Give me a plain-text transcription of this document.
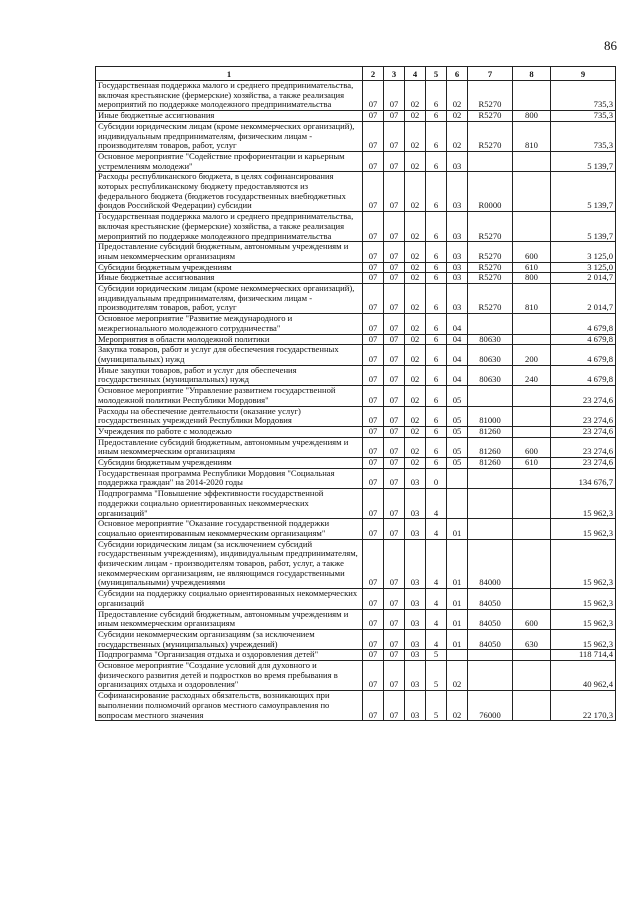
86
1	2	3	4	5	6	7	8	9
Государственная поддержка малого и среднего предпринимательства, включая крестьянские (фермерские) хозяйства, а также реализация мероприятий по поддержке молодежного предпринимательства	07	07	02	6	02	R5270		735,3
Иные бюджетные ассигнования	07	07	02	6	02	R5270	800	735,3
Субсидии юридическим лицам (кроме некоммерческих организаций), индивидуальным предпринимателям, физическим лицам - производителям товаров, работ, услуг	07	07	02	6	02	R5270	810	735,3
Основное мероприятие "Содействие профориентации и карьерным устремлениям молодежи"	07	07	02	6	03			5 139,7
Расходы республиканского бюджета, в целях софинансирования которых республиканскому бюджету предоставляются из федерального бюджета (бюджетов государственных внебюджетных фондов Российской Федерации) субсидии	07	07	02	6	03	R0000		5 139,7
Государственная поддержка малого и среднего предпринимательства, включая крестьянские (фермерские) хозяйства, а также реализация мероприятий по поддержке молодежного предпринимательства	07	07	02	6	03	R5270		5 139,7
Предоставление субсидий бюджетным, автономным учреждениям и иным некоммерческим организациям	07	07	02	6	03	R5270	600	3 125,0
Субсидии бюджетным учреждениям	07	07	02	6	03	R5270	610	3 125,0
Иные бюджетные ассигнования	07	07	02	6	03	R5270	800	2 014,7
Субсидии юридическим лицам (кроме некоммерческих организаций), индивидуальным предпринимателям, физическим лицам - производителям товаров, работ, услуг	07	07	02	6	03	R5270	810	2 014,7
Основное мероприятие "Развитие международного и межрегионального молодежного сотрудничества"	07	07	02	6	04			4 679,8
Мероприятия в области молодежной политики	07	07	02	6	04	80630		4 679,8
Закупка товаров, работ и услуг для обеспечения государственных (муниципальных) нужд	07	07	02	6	04	80630	200	4 679,8
Иные закупки товаров, работ и услуг для обеспечения государственных (муниципальных) нужд	07	07	02	6	04	80630	240	4 679,8
Основное мероприятие "Управление развитием государственной молодежной политики Республики Мордовия"	07	07	02	6	05			23 274,6
Расходы на обеспечение деятельности (оказание услуг) государственных учреждений Республики Мордовия	07	07	02	6	05	81000		23 274,6
Учреждения по работе с молодежью	07	07	02	6	05	81260		23 274,6
Предоставление субсидий бюджетным, автономным учреждениям и иным некоммерческим организациям	07	07	02	6	05	81260	600	23 274,6
Субсидии бюджетным учреждениям	07	07	02	6	05	81260	610	23 274,6
Государственная программа Республики Мордовия "Социальная поддержка граждан" на 2014-2020 годы	07	07	03	0				134 676,7
Подпрограмма "Повышение эффективности государственной поддержки социально ориентированных некоммерческих организаций"	07	07	03	4				15 962,3
Основное мероприятие "Оказание государственной поддержки социально ориентированным некоммерческим организациям"	07	07	03	4	01			15 962,3
Субсидии юридическим лицам (за исключением субсидий государственным учреждениям), индивидуальным предпринимателям, физическим лицам - производителям товаров, работ, услуг, а также некоммерческим организациям, не являющимся государственными (муниципальными) учреждениями	07	07	03	4	01	84000		15 962,3
Субсидии на поддержку социально ориентированных некоммерческих организаций	07	07	03	4	01	84050		15 962,3
Предоставление субсидий бюджетным, автономным учреждениям и иным некоммерческим организациям	07	07	03	4	01	84050	600	15 962,3
Субсидии некоммерческим организациям (за исключением государственных (муниципальных) учреждений)	07	07	03	4	01	84050	630	15 962,3
Подпрограмма "Организация отдыха и оздоровления детей"	07	07	03	5				118 714,4
Основное мероприятие "Создание условий для духовного и физического развития детей и подростков во время пребывания в организациях отдыха и оздоровления"	07	07	03	5	02			40 962,4
Софинансирование расходных обязательств, возникающих при выполнении полномочий органов местного самоуправления по вопросам местного значения	07	07	03	5	02	76000		22 170,3
